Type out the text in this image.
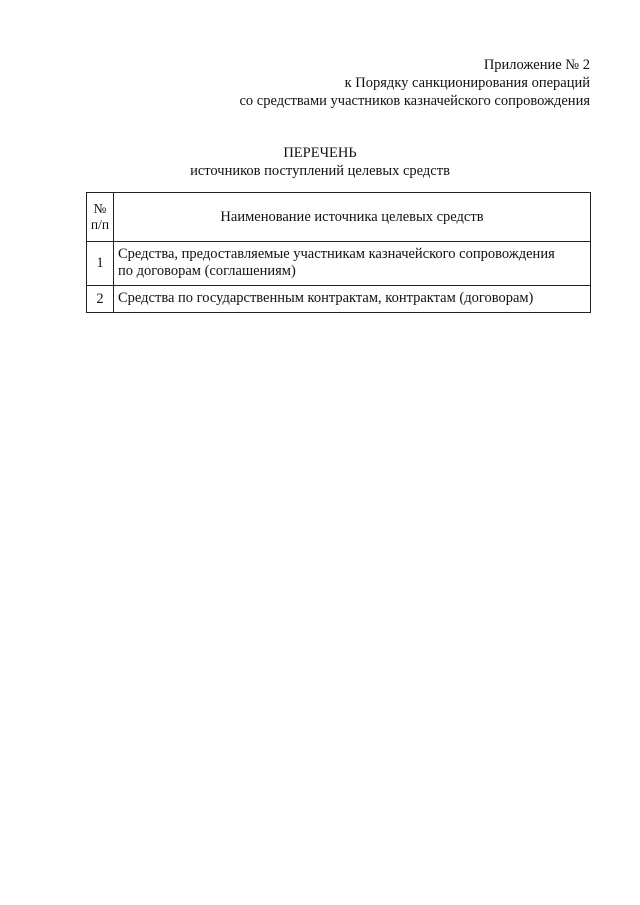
Приложение № 2
к Порядку санкционирования операций
со средствами участников казначейского сопровождения
ПЕРЕЧЕНЬ
источников поступлений целевых средств
№
п/п	Наименование источника целевых средств
1	Средства, предоставляемые участникам казначейского сопровождения
по договорам (соглашениям)

2	Средства по государственным контрактам, контрактам (договорам)
